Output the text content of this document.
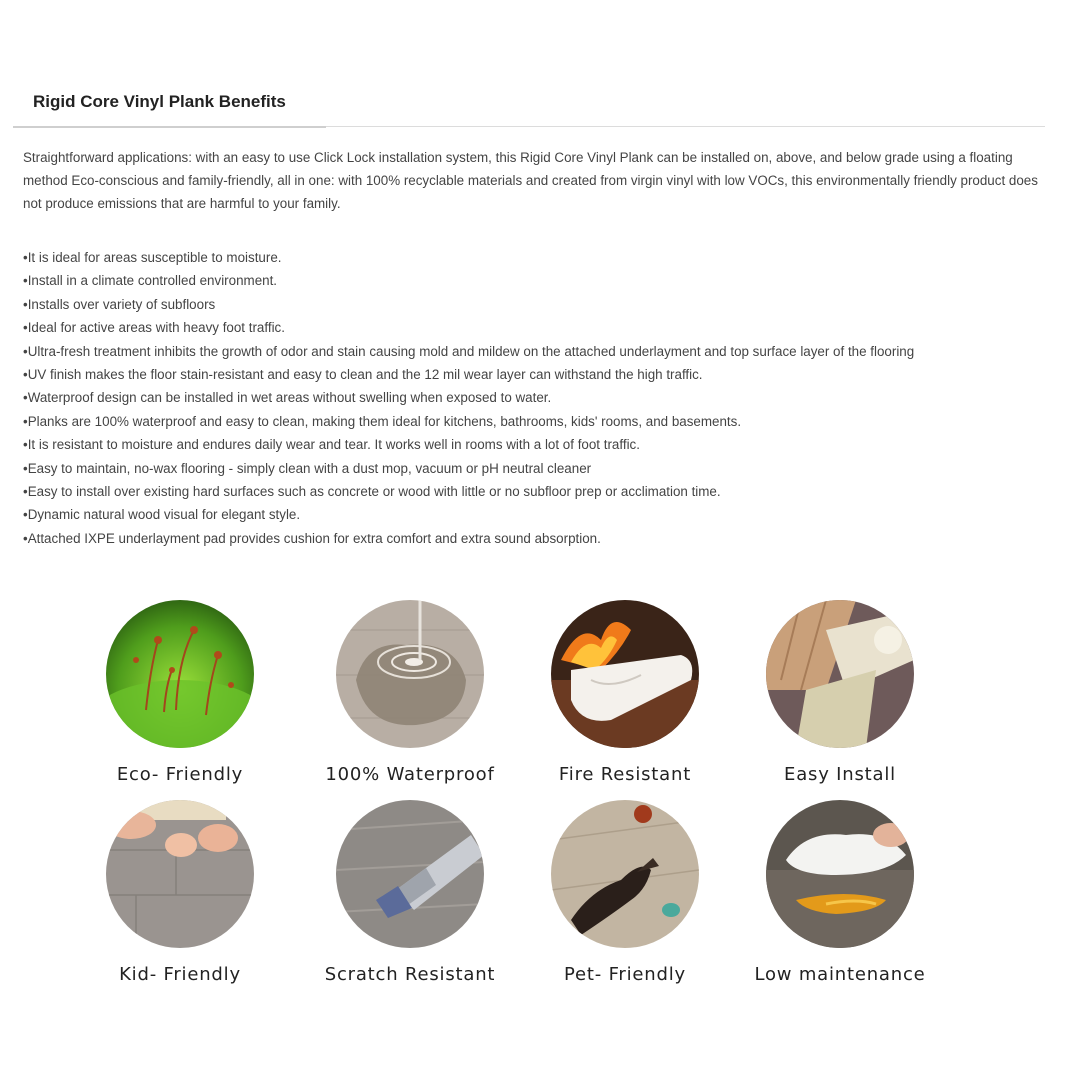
Rigid Core Vinyl Plank Benefits

Straightforward applications: with an easy to use Click Lock installation system, this Rigid Core Vinyl Plank can be installed on, above, and below grade using a floating method Eco-conscious and family-friendly, all in one: with 100% recyclable materials and created from virgin vinyl with low VOCs, this environmentally friendly product does not produce emissions that are harmful to your family.

•It is ideal for areas susceptible to moisture.
•Install in a climate controlled environment.
•Installs over variety of subfloors
•Ideal for active areas with heavy foot traffic.
•Ultra-fresh treatment inhibits the growth of odor and stain causing mold and mildew on the attached underlayment and top surface layer of the flooring
•UV finish makes the floor stain-resistant and easy to clean and the 12 mil wear layer can withstand the high traffic.
•Waterproof design can be installed in wet areas without swelling when exposed to water.
•Planks are 100% waterproof and easy to clean, making them ideal for kitchens, bathrooms, kids' rooms, and basements.
•It is resistant to moisture and endures daily wear and tear. It works well in rooms with a lot of foot traffic.
•Easy to maintain, no-wax flooring - simply clean with a dust mop, vacuum or pH neutral cleaner
•Easy to install over existing hard surfaces such as concrete or wood with little or no subfloor prep or acclimation time.
•Dynamic natural wood visual for elegant style.
•Attached IXPE underlayment pad provides cushion for extra comfort and extra sound absorption.
Eco- Friendly	100% Waterproof	Fire Resistant	Easy Install
Kid- Friendly	Scratch Resistant	Pet- Friendly	Low maintenance
